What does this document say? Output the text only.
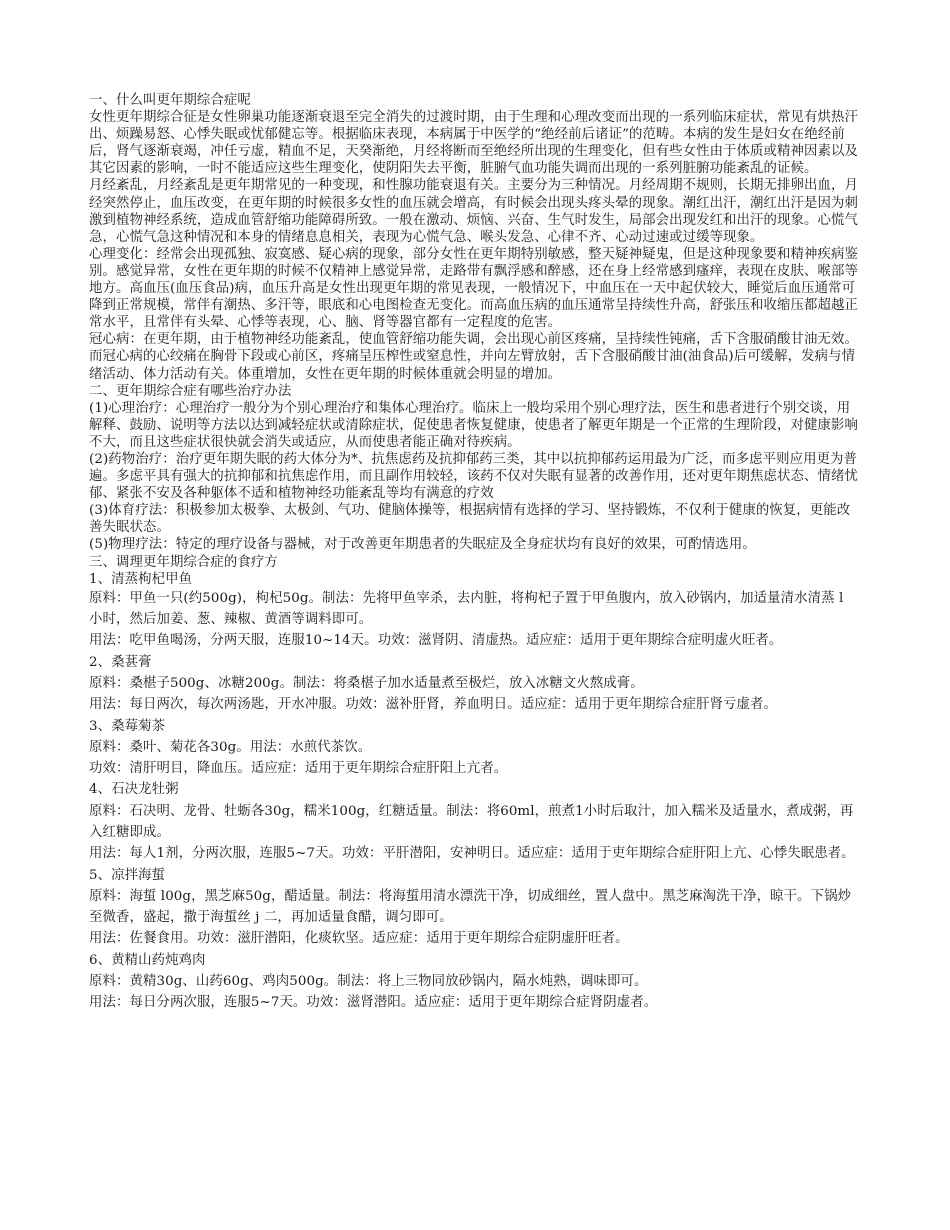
一、什么叫更年期综合症呢

女性更年期综合征是女性卵巢功能逐渐衰退至完全消失的过渡时期，由于生理和心理改变而出现的一系列临床症状，常见有烘热汗出、烦躁易怒、心悸失眠或忧郁健忘等。根据临床表现，本病属于中医学的“绝经前后诸证”的范畴。本病的发生是妇女在绝经前后，肾气逐渐衰竭，冲任亏虚，精血不足，天癸渐绝，月经将断而至绝经所出现的生理变化，但有些女性由于体质或精神因素以及其它因素的影响，一时不能适应这些生理变化，使阴阳失去平衡，脏腑气血功能失调而出现的一系列脏腑功能紊乱的证候。

月经紊乱，月经紊乱是更年期常见的一种变现，和性腺功能衰退有关。主要分为三种情况。月经周期不规则，长期无排卵出血，月经突然停止，血压改变，在更年期的时候很多女性的血压就会增高，有时候会出现头疼头晕的现象。潮红出汗，潮红出汗是因为刺激到植物神经系统，造成血管舒缩功能障碍所致。一般在激动、烦恼、兴奋、生气时发生，局部会出现发红和出汗的现象。心慌气急，心慌气急这种情况和本身的情绪息息相关，表现为心慌气急、喉头发急、心律不齐、心动过速或过缓等现象。

心理变化：经常会出现孤独、寂寞感、疑心病的现象，部分女性在更年期特别敏感，整天疑神疑鬼，但是这种现象要和精神疾病鉴别。感觉异常，女性在更年期的时候不仅精神上感觉异常，走路带有飘浮感和醉感，还在身上经常感到瘙痒，表现在皮肤、喉部等地方。高血压(血压食品)病，血压升高是女性出现更年期的常见表现，一般情况下，中血压在一天中起伏较大，睡觉后血压通常可降到正常规模，常伴有潮热、多汗等，眼底和心电图检查无变化。而高血压病的血压通常呈持续性升高，舒张压和收缩压都超越正常水平，且常伴有头晕、心悸等表现，心、脑、肾等器官都有一定程度的危害。

冠心病：在更年期，由于植物神经功能紊乱，使血管舒缩功能失调，会出现心前区疼痛，呈持续性钝痛，舌下含服硝酸甘油无效。而冠心病的心绞痛在胸骨下段或心前区，疼痛呈压榨性或窒息性，并向左臂放射，舌下含服硝酸甘油(油食品)后可缓解，发病与情绪活动、体力活动有关。体重增加，女性在更年期的时候体重就会明显的增加。

二、更年期综合症有哪些治疗办法

(1)心理治疗：心理治疗一般分为个别心理治疗和集体心理治疗。临床上一般均采用个别心理疗法，医生和患者进行个别交谈，用解释、鼓励、说明等方法以达到减轻症状或清除症状，促使患者恢复健康，使患者了解更年期是一个正常的生理阶段，对健康影响不大，而且这些症状很快就会消失或适应，从而使患者能正确对待疾病。

(2)药物治疗：治疗更年期失眠的药大体分为*、抗焦虑药及抗抑郁药三类，其中以抗抑郁药运用最为广泛，而多虑平则应用更为普遍。多虑平具有强大的抗抑郁和抗焦虑作用，而且副作用较轻，该药不仅对失眠有显著的改善作用，还对更年期焦虑状态、情绪忧郁、紧张不安及各种躯体不适和植物神经功能紊乱等均有满意的疗效

(3)体育疗法：积极参加太极拳、太极剑、气功、健脑体操等，根据病情有选择的学习、坚持锻炼，不仅利于健康的恢复，更能改善失眠状态。

(5)物理疗法：特定的理疗设备与器械，对于改善更年期患者的失眠症及全身症状均有良好的效果，可酌情选用。

三、调理更年期综合症的食疗方

1、清蒸枸杞甲鱼

原料：甲鱼一只(约500g)，枸杞50g。制法：先将甲鱼宰杀，去内脏，将枸杞子置于甲鱼腹内，放入砂锅内，加适量清水清蒸 l 小时，然后加姜、葱、辣椒、黄酒等调料即可。

用法：吃甲鱼喝汤，分两天服，连服10~14天。功效：滋肾阴、清虚热。适应症：适用于更年期综合症明虚火旺者。

2、桑葚膏

原料：桑椹子500g、冰糖200g。制法：将桑椹子加水适量煮至极烂，放入冰糖文火熬成膏。

用法：每日两次，每次两汤匙，开水冲服。功效：滋补肝肾，养血明日。适应症：适用于更年期综合症肝肾亏虚者。

3、桑莓菊茶

原料：桑叶、菊花各30g。用法：水煎代茶饮。

功效：清肝明目，降血压。适应症：适用于更年期综合症肝阳上亢者。

4、石决龙牡粥

原料：石决明、龙骨、牡蛎各30g，糯米100g，红糖适量。制法：将60ml，煎煮1小时后取汁，加入糯米及适量水，煮成粥，再入红糖即成。

用法：每人1剂，分两次服，连服5~7天。功效：平肝潜阳，安神明日。适应症：适用于吏年期综合症肝阳上亢、心悸失眠患者。

5、凉拌海蜇

原料：海蜇 l00g，黑芝麻50g，醋适量。制法：将海蜇用清水漂洗干净，切成细丝，置人盘中。黑芝麻淘洗干净，晾干。下锅炒至微香，盛起，撒于海蜇丝 j 二，再加适量食醋，调匀即可。

用法：佐餐食用。功效：滋肝潜阳，化痰软坚。适应症：适用于更年期综合症阴虚肝旺者。

6、黄精山药炖鸡肉

原料：黄精30g、山药60g、鸡肉500g。制法：将上三物同放砂锅内，隔水炖熟，调味即可。

用法：每日分两次服，连服5~7天。功效：滋肾潜阳。适应症：适用于更年期综合症肾阴虚者。
